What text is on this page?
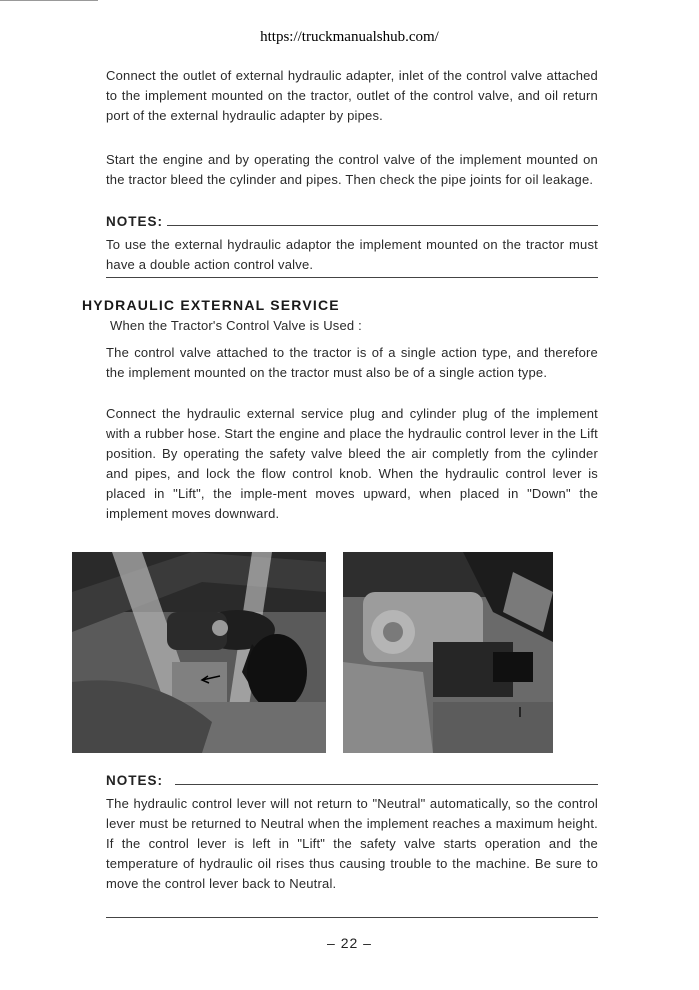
https://truckmanualshub.com/
Connect the outlet of external hydraulic adapter, inlet of the control valve attached to the implement mounted on the tractor, outlet of the control valve, and oil return port of the external hydraulic adapter by pipes.
Start the engine and by operating the control valve of the implement mounted on the tractor bleed the cylinder and pipes. Then check the pipe joints for oil leakage.
NOTES:
To use the external hydraulic adaptor the implement mounted on the tractor must have a double action control valve.
HYDRAULIC EXTERNAL SERVICE
When the Tractor's Control Valve is Used :
The control valve attached to the tractor is of a single action type, and therefore the implement mounted on the tractor must also be of a single action type.
Connect the hydraulic external service plug and cylinder plug of the implement with a rubber hose. Start the engine and place the hydraulic control lever in the Lift position. By operating the safety valve bleed the air completly from the cylinder and pipes, and lock the flow control knob. When the hydraulic control lever is placed in "Lift", the imple-ment moves upward, when placed in "Down" the implement moves downward.
NOTES:
The hydraulic control lever will not return to "Neutral" automatically, so the control lever must be returned to Neutral when the implement reaches a maximum height. If the control lever is left in "Lift" the safety valve starts operation and the temperature of hydraulic oil rises thus causing trouble to the machine. Be sure to move the control lever back to Neutral.
– 22 –
